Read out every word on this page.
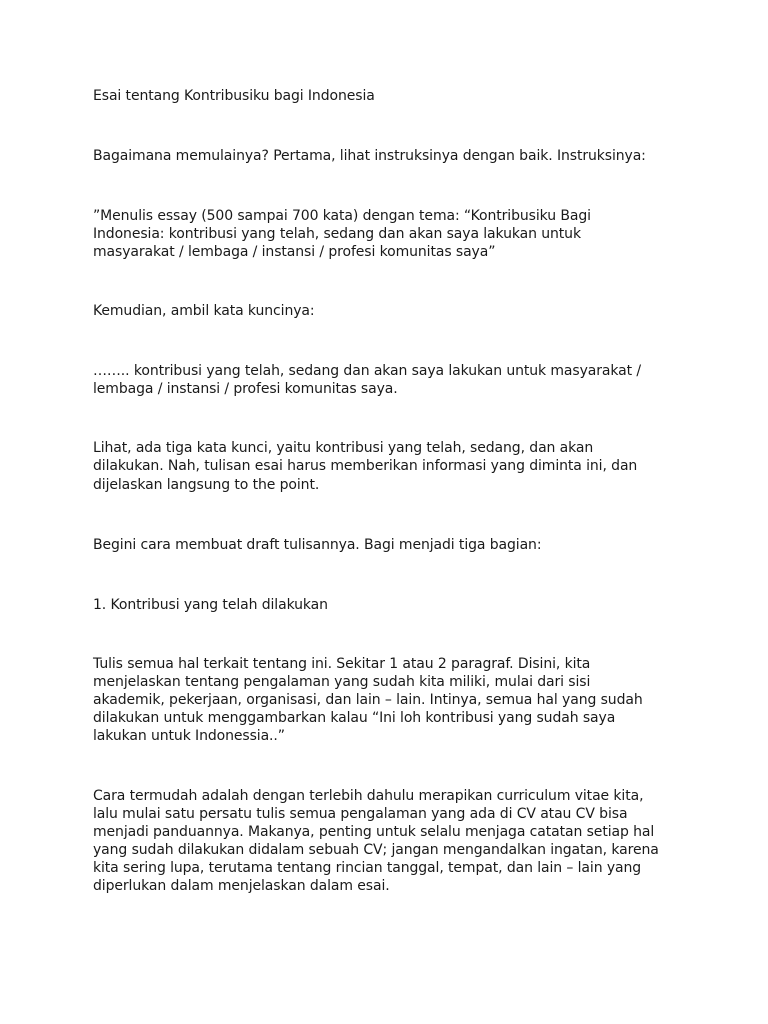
Esai tentang Kontribusiku bagi Indonesia

Bagaimana memulainya? Pertama, lihat instruksinya dengan baik. Instruksinya:

”Menulis essay (500 sampai 700 kata) dengan tema: “Kontribusiku Bagi

Indonesia: kontribusi yang telah, sedang dan akan saya lakukan untuk

masyarakat / lembaga / instansi / profesi komunitas saya”

Kemudian, ambil kata kuncinya:

…….. kontribusi yang telah, sedang dan akan saya lakukan untuk masyarakat /

lembaga / instansi / profesi komunitas saya.

Lihat, ada tiga kata kunci, yaitu kontribusi yang telah, sedang, dan akan

dilakukan. Nah, tulisan esai harus memberikan informasi yang diminta ini, dan

dijelaskan langsung to the point.

Begini cara membuat draft tulisannya. Bagi menjadi tiga bagian:

1. Kontribusi yang telah dilakukan

Tulis semua hal terkait tentang ini. Sekitar 1 atau 2 paragraf. Disini, kita

menjelaskan tentang pengalaman yang sudah kita miliki, mulai dari sisi

akademik, pekerjaan, organisasi, dan lain – lain. Intinya, semua hal yang sudah

dilakukan untuk menggambarkan kalau “Ini loh kontribusi yang sudah saya

lakukan untuk Indonessia..”

Cara termudah adalah dengan terlebih dahulu merapikan curriculum vitae kita,

lalu mulai satu persatu tulis semua pengalaman yang ada di CV atau CV bisa

menjadi panduannya. Makanya, penting untuk selalu menjaga catatan setiap hal

yang sudah dilakukan didalam sebuah CV; jangan mengandalkan ingatan, karena

kita sering lupa, terutama tentang rincian tanggal, tempat, dan lain – lain yang

diperlukan dalam menjelaskan dalam esai.
